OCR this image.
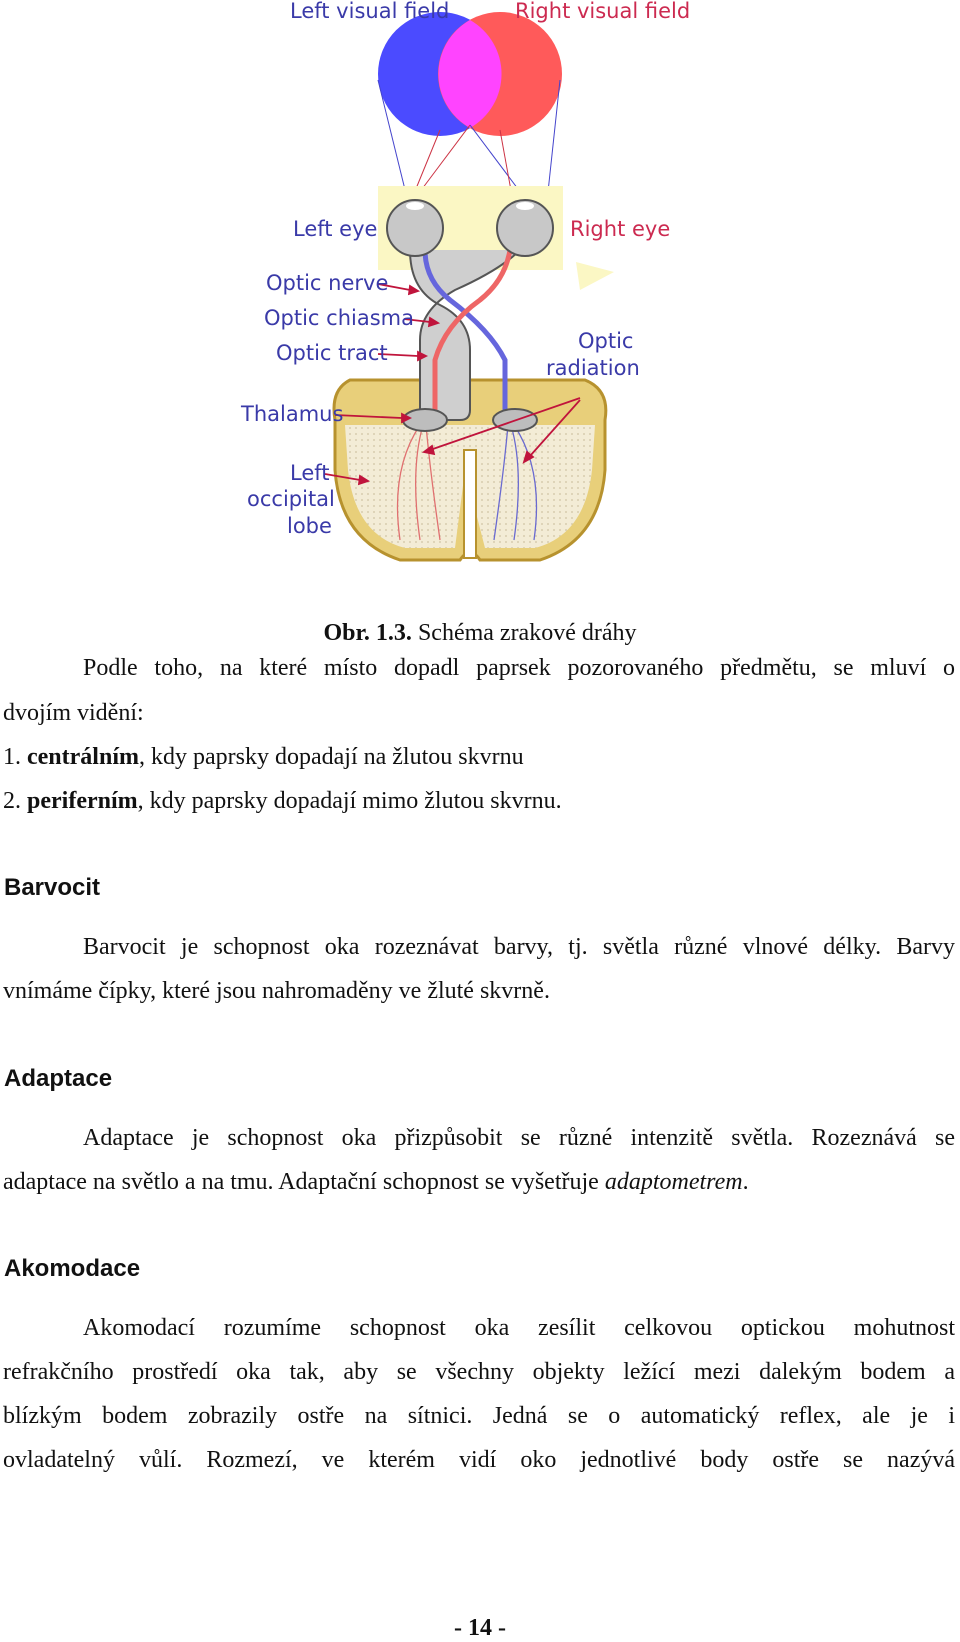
Left visual field	Right visual field
Left eye	Right eye
Optic nerve
Optic chiasma
Optic tract	Optic
radiation
Thalamus
Left
occipital
lobe
Obr. 1.3. Schéma zrakové dráhy

Podle toho, na které místo dopadl paprsek pozorovaného předmětu, se mluví o

dvojím vidění:

1. centrálním, kdy paprsky dopadají na žlutou skvrnu

2. periferním, kdy paprsky dopadají mimo žlutou skvrnu.

Barvocit

Barvocit je schopnost oka rozeznávat barvy, tj. světla různé vlnové délky. Barvy

vnímáme čípky, které jsou nahromaděny ve žluté skvrně.

Adaptace

Adaptace je schopnost oka přizpůsobit se různé intenzitě světla. Rozeznává se

adaptace na světlo a na tmu. Adaptační schopnost se vyšetřuje adaptometrem.

Akomodace

Akomodací rozumíme schopnost oka zesílit celkovou optickou mohutnost

refrakčního prostředí oka tak, aby se všechny objekty ležící mezi dalekým bodem a

blízkým bodem zobrazily ostře na sítnici. Jedná se o automatický reflex, ale je i

ovladatelný vůlí. Rozmezí, ve kterém vidí oko jednotlivé body ostře se nazývá

- 14 -
